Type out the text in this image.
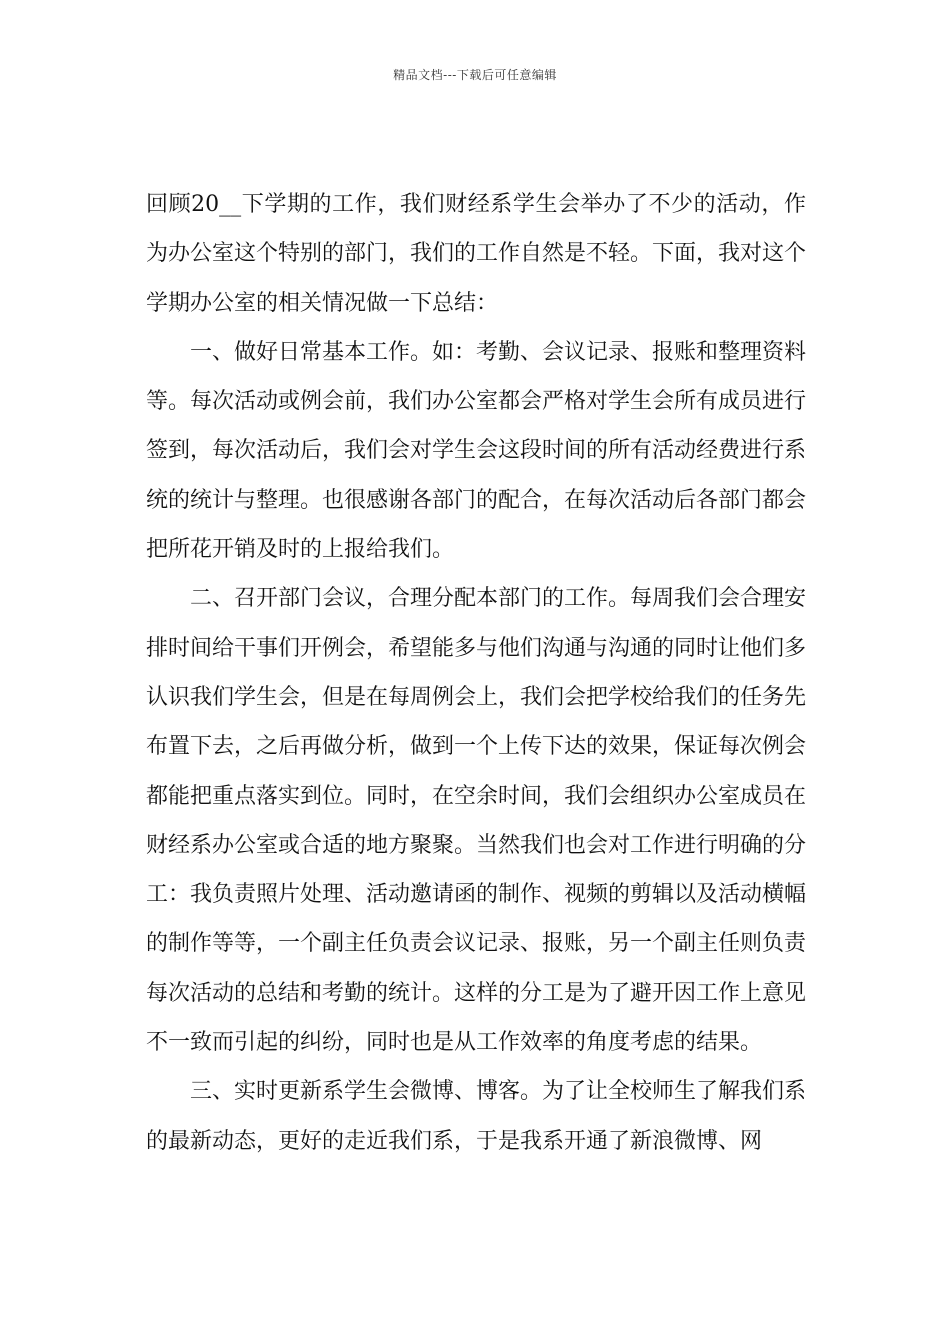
精品文档---下载后可任意编辑

回顾20__下学期的工作，我们财经系学生会举办了不少的活动，作为办公室这个特别的部门，我们的工作自然是不轻。下面，我对这个学期办公室的相关情况做一下总结：

一、做好日常基本工作。如：考勤、会议记录、报账和整理资料等。每次活动或例会前，我们办公室都会严格对学生会所有成员进行签到，每次活动后，我们会对学生会这段时间的所有活动经费进行系统的统计与整理。也很感谢各部门的配合，在每次活动后各部门都会把所花开销及时的上报给我们。

二、召开部门会议，合理分配本部门的工作。每周我们会合理安排时间给干事们开例会，希望能多与他们沟通与沟通的同时让他们多认识我们学生会，但是在每周例会上，我们会把学校给我们的任务先布置下去，之后再做分析，做到一个上传下达的效果，保证每次例会都能把重点落实到位。同时，在空余时间，我们会组织办公室成员在财经系办公室或合适的地方聚聚。当然我们也会对工作进行明确的分工：我负责照片处理、活动邀请函的制作、视频的剪辑以及活动横幅的制作等等，一个副主任负责会议记录、报账，另一个副主任则负责每次活动的总结和考勤的统计。这样的分工是为了避开因工作上意见不一致而引起的纠纷，同时也是从工作效率的角度考虑的结果。

三、实时更新系学生会微博、博客。为了让全校师生了解我们系的最新动态，更好的走近我们系，于是我系开通了新浪微博、网
